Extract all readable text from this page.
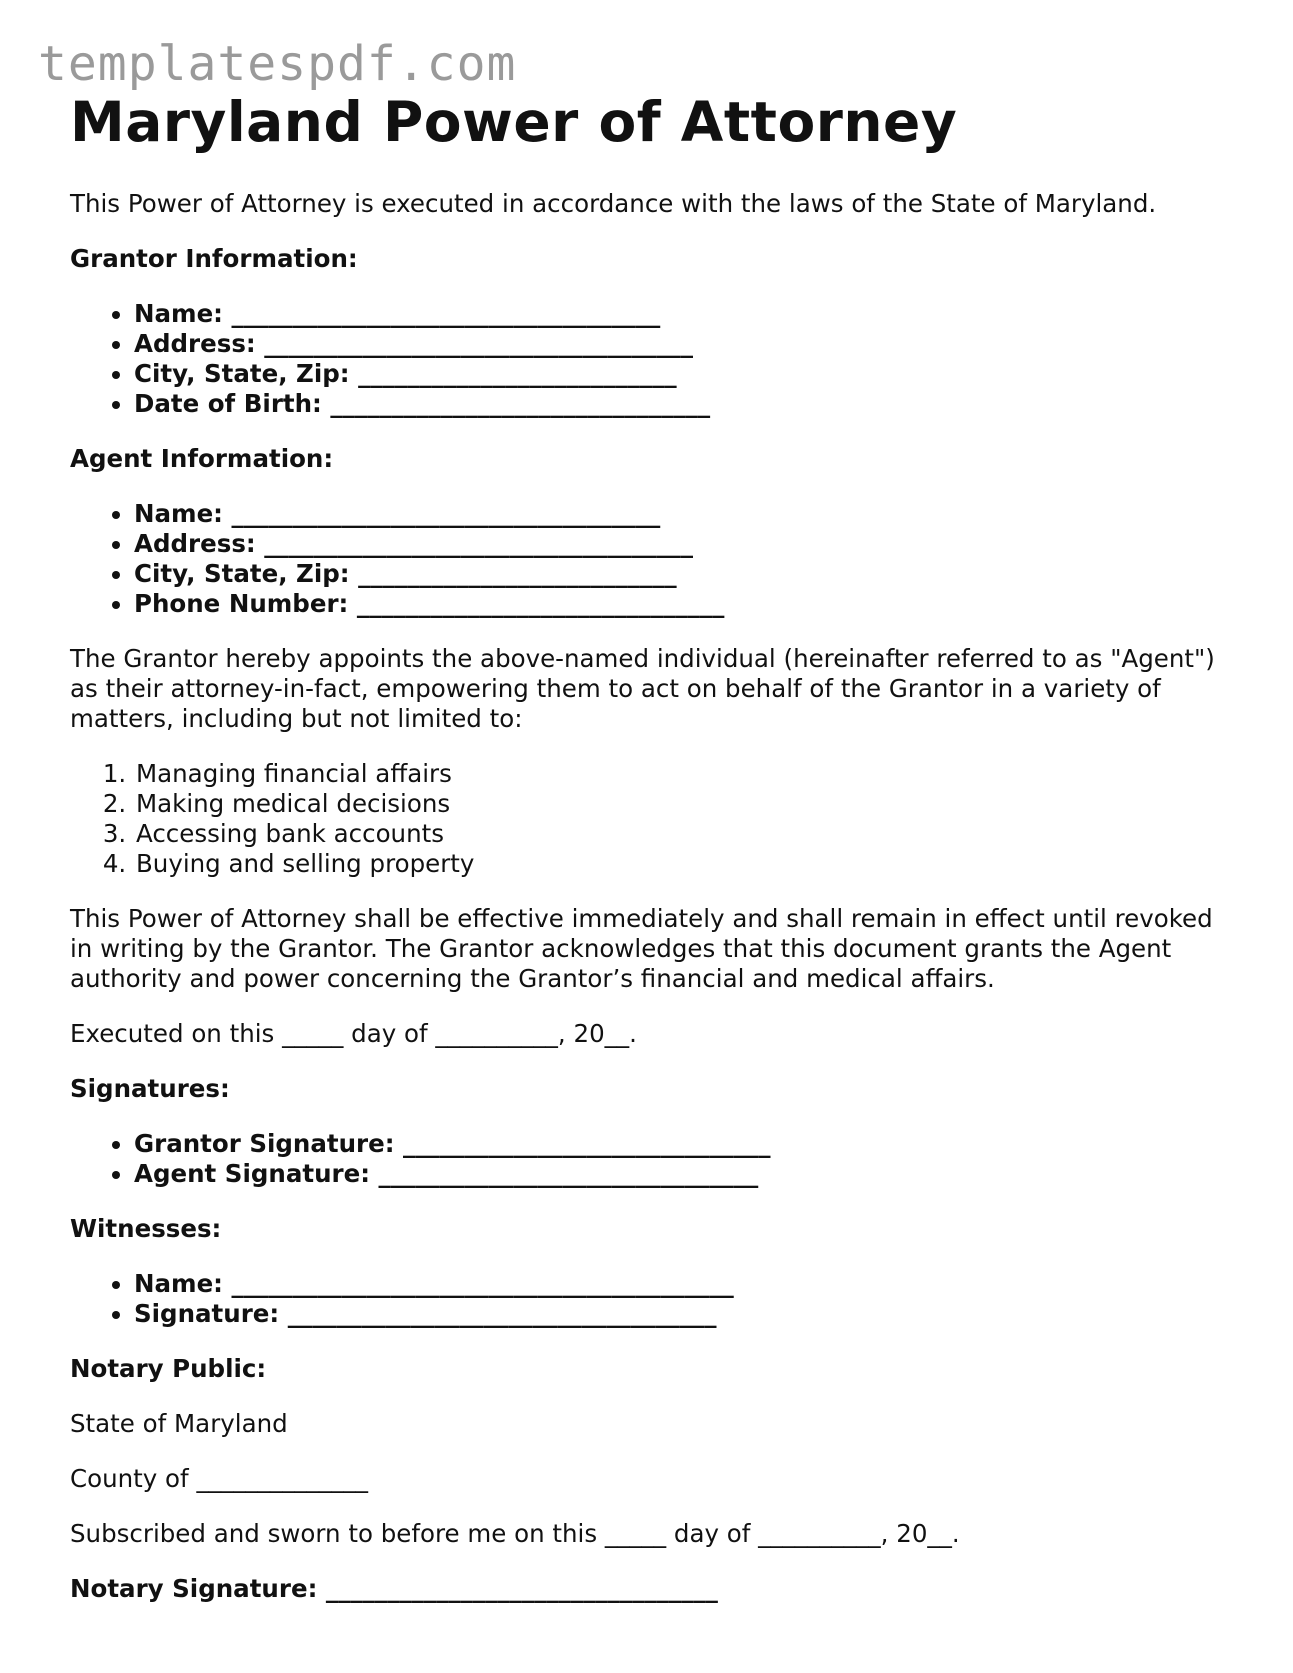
templatespdf.com
Maryland Power of Attorney

This Power of Attorney is executed in accordance with the laws of the State of Maryland.

Grantor Information:

• Name: ___________________________________
• Address: ___________________________________
• City, State, Zip: __________________________
• Date of Birth: _______________________________

Agent Information:

• Name: ___________________________________
• Address: ___________________________________
• City, State, Zip: __________________________
• Phone Number: ______________________________

The Grantor hereby appoints the above-named individual (hereinafter referred to as "Agent") as their attorney-in-fact, empowering them to act on behalf of the Grantor in a variety of matters, including but not limited to:

1. Managing financial affairs
2. Making medical decisions
3. Accessing bank accounts
4. Buying and selling property

This Power of Attorney shall be effective immediately and shall remain in effect until revoked in writing by the Grantor. The Grantor acknowledges that this document grants the Agent authority and power concerning the Grantor’s financial and medical affairs.

Executed on this _____ day of __________, 20__.

Signatures:

• Grantor Signature: ______________________________
• Agent Signature: _______________________________

Witnesses:

• Name: _________________________________________
• Signature: ___________________________________

Notary Public:

State of Maryland

County of ______________

Subscribed and sworn to before me on this _____ day of __________, 20__.

Notary Signature: ________________________________
